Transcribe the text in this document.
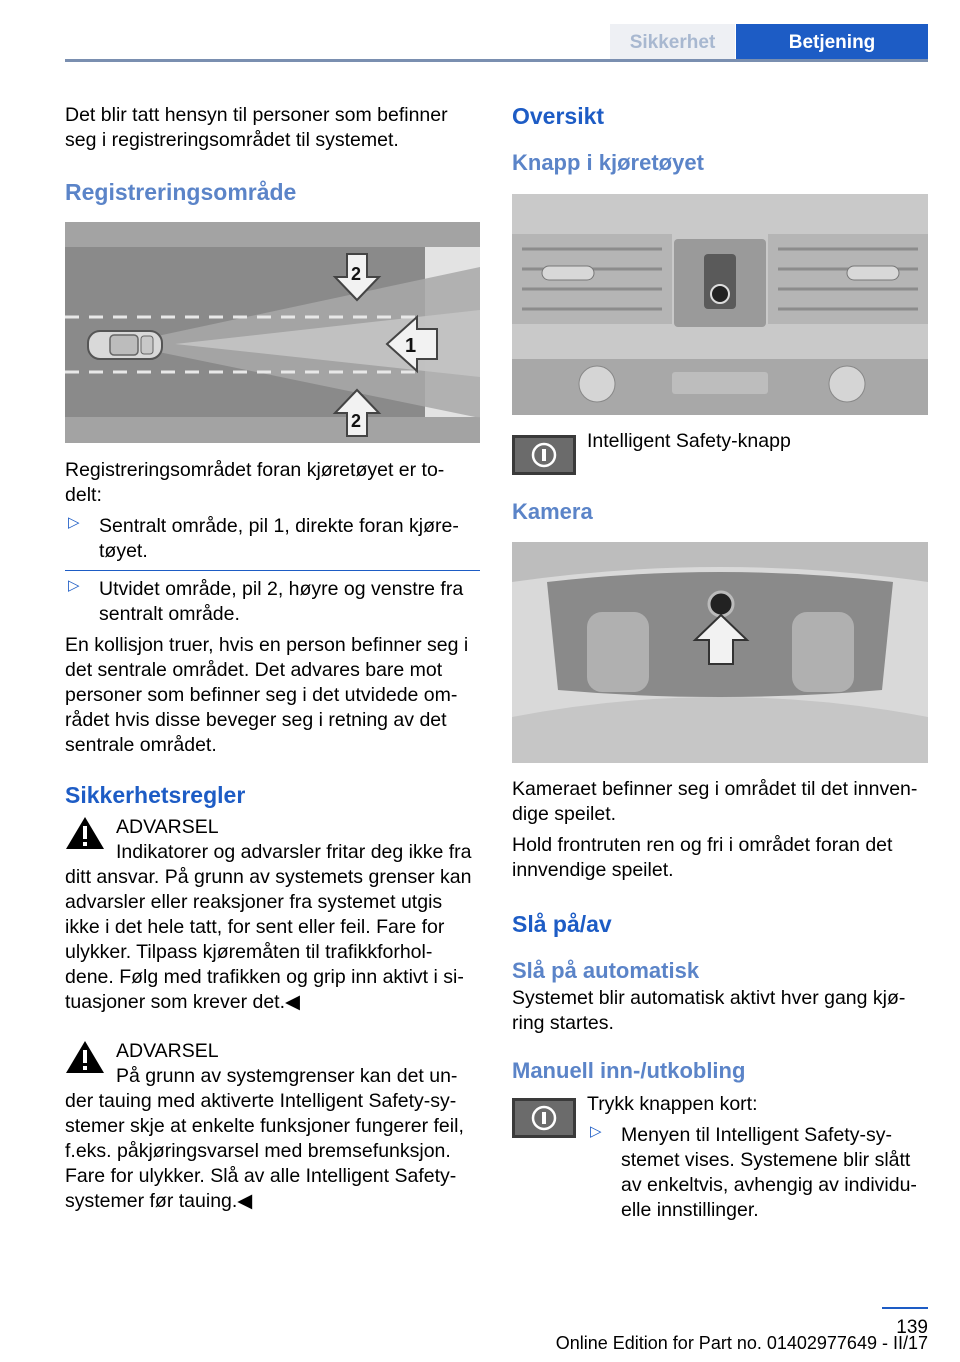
Sikkerhet	Betjening

Det blir tatt hensyn til personer som befinner seg i registreringsområdet til systemet.

Registreringsområde
1
2
2

Registreringsområdet foran kjøretøyet er to-delt:

▷ Sentralt område, pil 1, direkte foran kjøre-tøyet.
▷ Utvidet område, pil 2, høyre og venstre fra sentralt område.

En kollisjon truer, hvis en person befinner seg i det sentrale området. Det advares bare mot personer som befinner seg i det utvidede om-rådet hvis disse beveger seg i retning av det sentrale området.

Sikkerhetsregler
ADVARSEL
Indikatorer og advarsler fritar deg ikke fra
ditt ansvar. På grunn av systemets grenser kan advarsler eller reaksjoner fra systemet utgis ikke i det hele tatt, for sent eller feil. Fare for ulykker. Tilpass kjøremåten til trafikkforhol-dene. Følg med trafikken og grip inn aktivt i si-tuasjoner som krever det.◀
ADVARSEL
På grunn av systemgrenser kan det un-
der tauing med aktiverte Intelligent Safety-sy-stemer skje at enkelte funksjoner fungerer feil, f.eks. påkjøringsvarsel med bremsefunksjon. Fare for ulykker. Slå av alle Intelligent Safety-systemer før tauing.◀
Oversikt
Knapp i kjøretøyet
Intelligent Safety-knapp
Kamera

Kameraet befinner seg i området til det innven-dige speilet.

Hold frontruten ren og fri i området foran det innvendige speilet.

Slå på/av
Slå på automatisk

Systemet blir automatisk aktivt hver gang kjø-ring startes.

Manuell inn-/utkobling

Trykk knappen kort:

▷ Menyen til Intelligent Safety-sy-stemet vises. Systemene blir slått av enkeltvis, avhengig av individu-elle innstillinger.
139
Online Edition for Part no. 01402977649 - II/17
